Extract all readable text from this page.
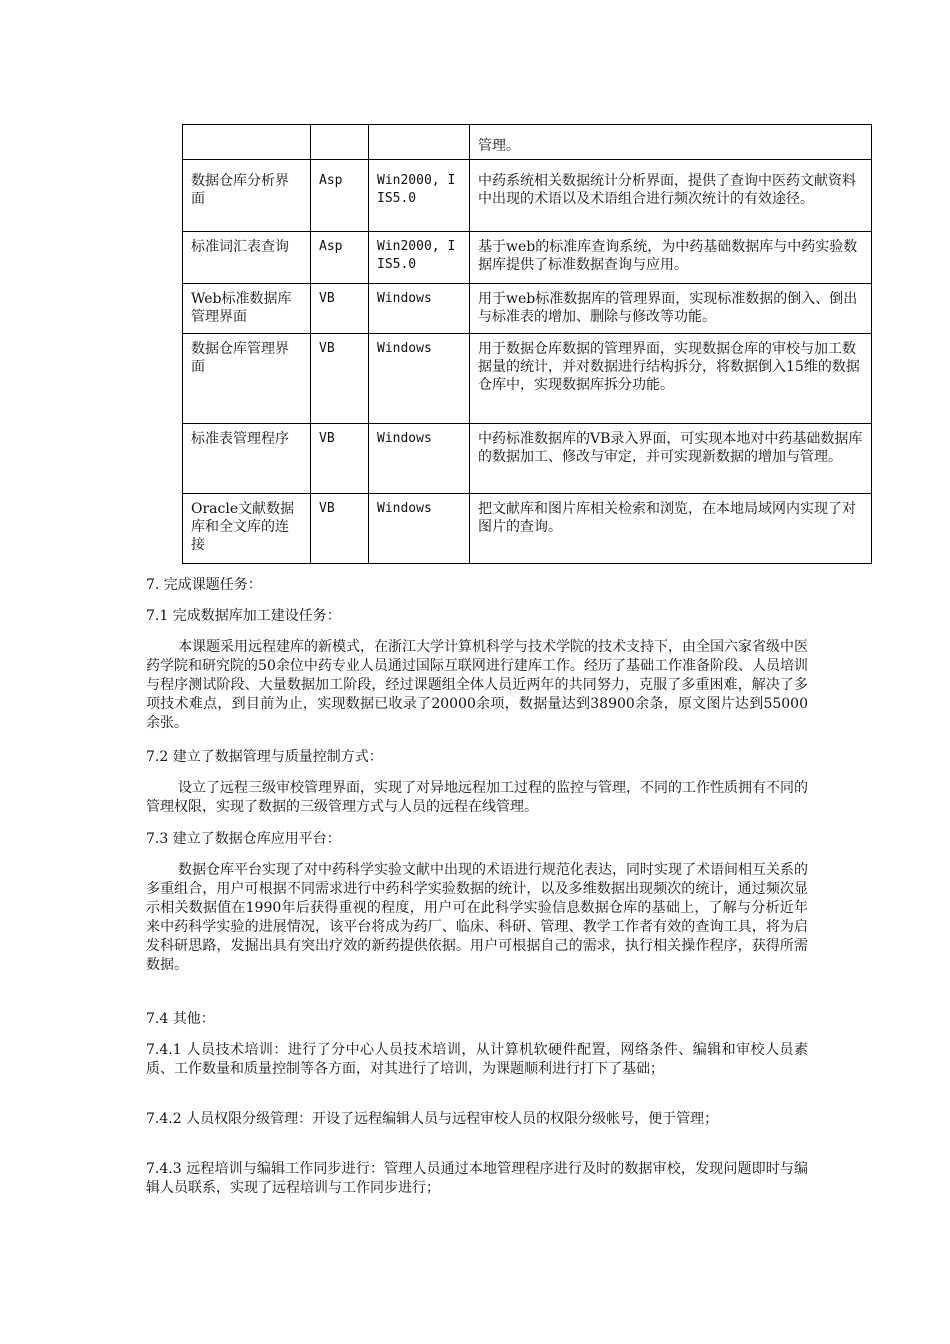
			管理。
数据仓库分析界面	Asp	Win2000, IIS5.0	中药系统相关数据统计分析界面，提供了查询中医药文献资料中出现的术语以及术语组合进行频次统计的有效途径。
标准词汇表查询	Asp	Win2000, IIS5.0	基于web的标准库查询系统，为中药基础数据库与中药实验数据库提供了标准数据查询与应用。
Web标准数据库管理界面	VB	Windows	用于web标准数据库的管理界面，实现标准数据的倒入、倒出与标准表的增加、删除与修改等功能。
数据仓库管理界面	VB	Windows	用于数据仓库数据的管理界面，实现数据仓库的审校与加工数据量的统计，并对数据进行结构拆分，将数据倒入15维的数据仓库中，实现数据库拆分功能。
标准表管理程序	VB	Windows	中药标准数据库的VB录入界面，可实现本地对中药基础数据库的数据加工、修改与审定，并可实现新数据的增加与管理。
Oracle文献数据库和全文库的连接	VB	Windows	把文献库和图片库相关检索和浏览，在本地局域网内实现了对图片的查询。
7. 完成课题任务：
7.1 完成数据库加工建设任务：

本课题采用远程建库的新模式，在浙江大学计算机科学与技术学院的技术支持下，由全国六家省级中医药学院和研究院的50余位中药专业人员通过国际互联网进行建库工作。经历了基础工作准备阶段、人员培训与程序测试阶段、大量数据加工阶段，经过课题组全体人员近两年的共同努力，克服了多重困难，解决了多项技术难点，到目前为止，实现数据已收录了20000余项，数据量达到38900余条，原文图片达到55000余张。

7.2 建立了数据管理与质量控制方式：

设立了远程三级审校管理界面，实现了对异地远程加工过程的监控与管理，不同的工作性质拥有不同的管理权限，实现了数据的三级管理方式与人员的远程在线管理。

7.3 建立了数据仓库应用平台：

数据仓库平台实现了对中药科学实验文献中出现的术语进行规范化表达，同时实现了术语间相互关系的多重组合，用户可根据不同需求进行中药科学实验数据的统计，以及多维数据出现频次的统计，通过频次显示相关数据值在1990年后获得重视的程度，用户可在此科学实验信息数据仓库的基础上，了解与分析近年来中药科学实验的进展情况，该平台将成为药厂、临床、科研、管理、教学工作者有效的查询工具，将为启发科研思路，发掘出具有突出疗效的新药提供依据。用户可根据自己的需求，执行相关操作程序，获得所需数据。

7.4 其他：

7.4.1 人员技术培训：进行了分中心人员技术培训，从计算机软硬件配置，网络条件、编辑和审校人员素质、工作数量和质量控制等各方面，对其进行了培训，为课题顺利进行打下了基础；

7.4.2 人员权限分级管理：开设了远程编辑人员与远程审校人员的权限分级帐号，便于管理；

7.4.3 远程培训与编辑工作同步进行：管理人员通过本地管理程序进行及时的数据审校，发现问题即时与编辑人员联系，实现了远程培训与工作同步进行；
